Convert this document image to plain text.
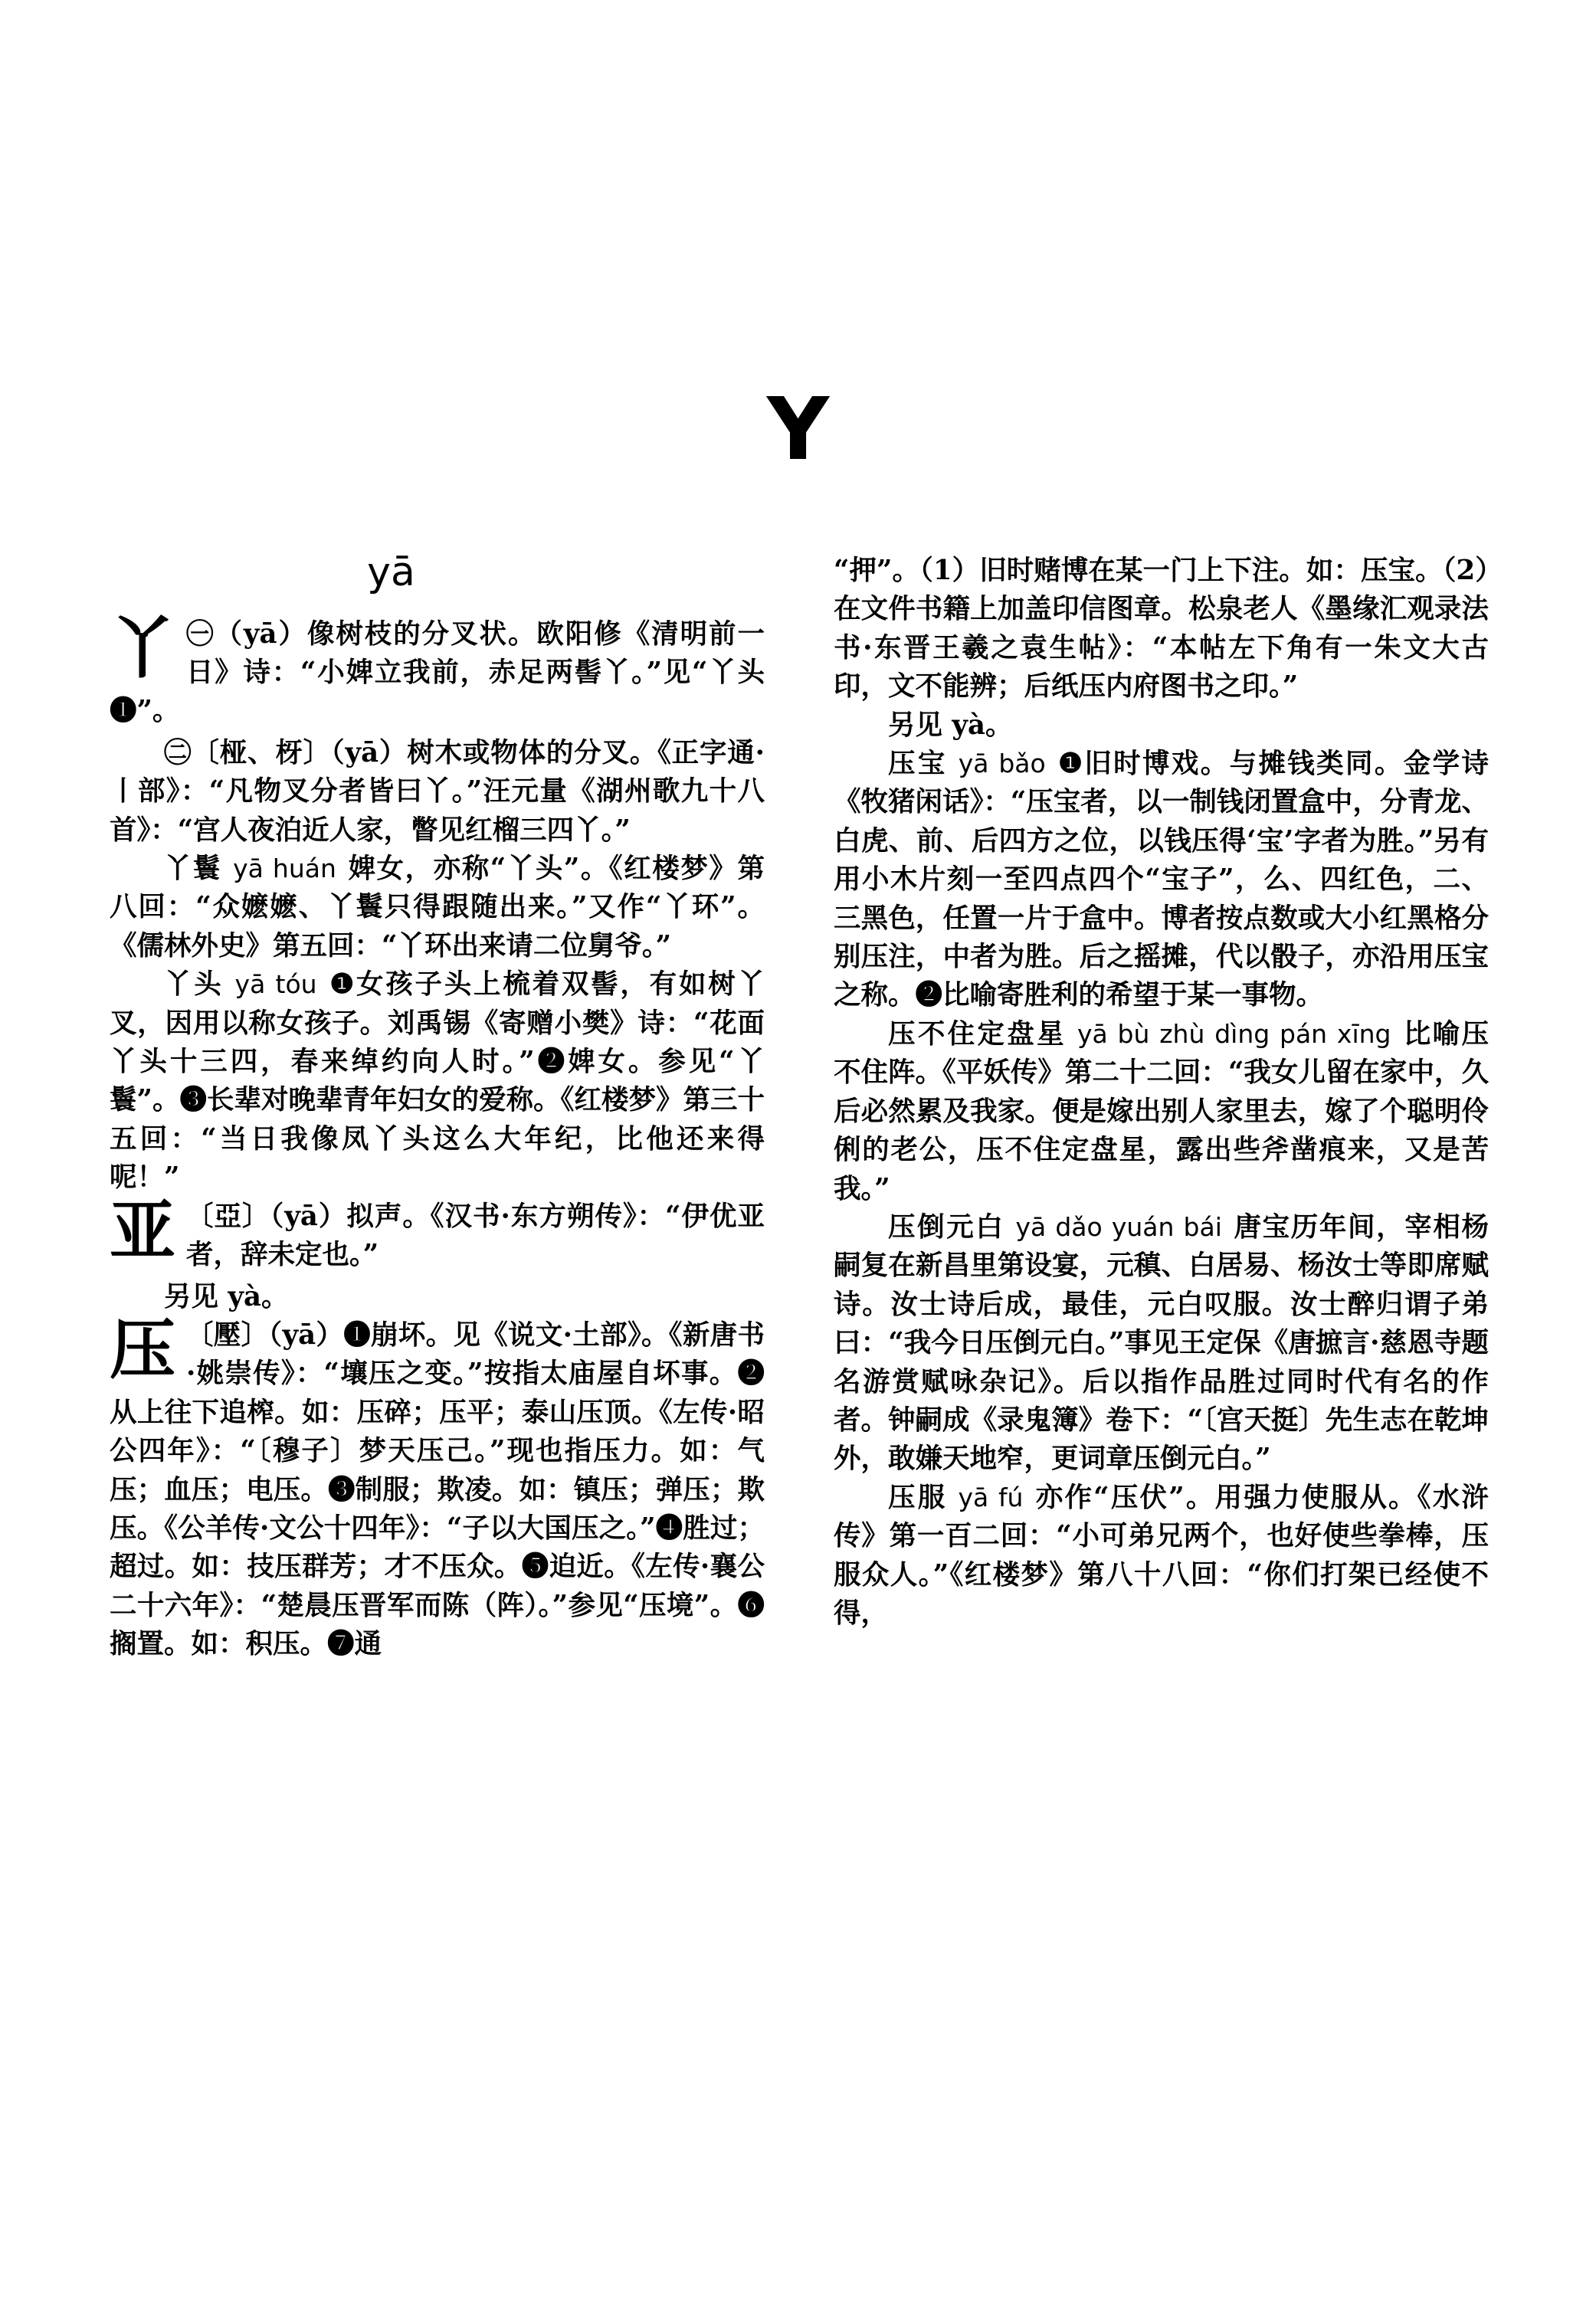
Y
yā
丫 ㊀（yā）像树枝的分叉状。欧阳修《清明前一日》诗：“小婢立我前，赤足两髻丫。”见“丫头❶”。

㊁〔桠、枒〕（yā）树木或物体的分叉。《正字通·丨部》：“凡物叉分者皆曰丫。”汪元量《湖州歌九十八首》：“宫人夜泊近人家，瞥见红榴三四丫。”

丫鬟 yā huán 婢女，亦称“丫头”。《红楼梦》第八回：“众嬷嬷、丫鬟只得跟随出来。”又作“丫环”。《儒林外史》第五回：“丫环出来请二位舅爷。”

丫头 yā tóu ❶女孩子头上梳着双髻，有如树丫叉，因用以称女孩子。刘禹锡《寄赠小樊》诗：“花面丫头十三四，春来绰约向人时。”❷婢女。参见“丫鬟”。❸长辈对晚辈青年妇女的爱称。《红楼梦》第三十五回：“当日我像凤丫头这么大年纪，比他还来得呢！”

亚 〔亞〕（yā）拟声。《汉书·东方朔传》：“伊优亚者，辞未定也。”

另见 yà。

压 〔壓〕（yā）❶崩坏。见《说文·土部》。《新唐书·姚崇传》：“壤压之变。”按指太庙屋自坏事。❷从上往下追榨。如：压碎；压平；泰山压顶。《左传·昭公四年》：“〔穆子〕梦天压己。”现也指压力。如：气压；血压；电压。❸制服；欺凌。如：镇压；弹压；欺压。《公羊传·文公十四年》：“子以大国压之。”❹胜过；超过。如：技压群芳；才不压众。❺迫近。《左传·襄公二十六年》：“楚晨压晋军而陈（阵）。”参见“压境”。❻搁置。如：积压。❼通

“押”。（1）旧时赌博在某一门上下注。如：压宝。（2）在文件书籍上加盖印信图章。松泉老人《墨缘汇观录法书·东晋王羲之袁生帖》：“本帖左下角有一朱文大古印，文不能辨；后纸压内府图书之印。”

另见 yà。

压宝 yā bǎo ❶旧时博戏。与摊钱类同。金学诗《牧猪闲话》：“压宝者，以一制钱闭置盒中，分青龙、白虎、前、后四方之位，以钱压得‘宝’字者为胜。”另有用小木片刻一至四点四个“宝子”，么、四红色，二、三黑色，任置一片于盒中。博者按点数或大小红黑格分别压注，中者为胜。后之摇摊，代以骰子，亦沿用压宝之称。❷比喻寄胜利的希望于某一事物。

压不住定盘星 yā bù zhù dìng pán xīng 比喻压不住阵。《平妖传》第二十二回：“我女儿留在家中，久后必然累及我家。便是嫁出别人家里去，嫁了个聪明伶俐的老公，压不住定盘星，露出些斧凿痕来，又是苦我。”

压倒元白 yā dǎo yuán bái 唐宝历年间，宰相杨嗣复在新昌里第设宴，元稹、白居易、杨汝士等即席赋诗。汝士诗后成，最佳，元白叹服。汝士醉归谓子弟曰：“我今日压倒元白。”事见王定保《唐摭言·慈恩寺题名游赏赋咏杂记》。后以指作品胜过同时代有名的作者。钟嗣成《录鬼簿》卷下：“〔宫天挺〕先生志在乾坤外，敢嫌天地窄，更词章压倒元白。”

压服 yā fú 亦作“压伏”。用强力使服从。《水浒传》第一百二回：“小可弟兄两个，也好使些拳棒，压服众人。”《红楼梦》第八十八回：“你们打架已经使不得，
